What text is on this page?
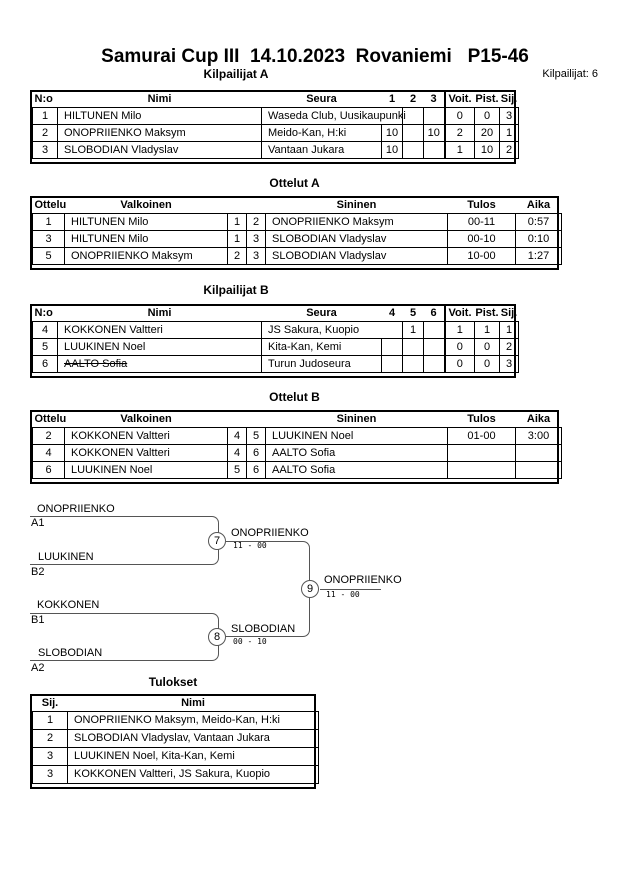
Samurai Cup III  14.10.2023  Rovaniemi   P15-46
Kilpailijat A	Kilpailijat: 6
N:o	Nimi	Seura	1	2	3	Voit.	Pist.	Sij.
1	HILTUNEN Milo	Waseda Club, Uusikaupunki				0	0	3
2	ONOPRIIENKO Maksym	Meido-Kan, H:ki	10		10	2	20	1
3	SLOBODIAN Vladyslav	Vantaan Jukara	10			1	10	2
Ottelut A
Ottelu	Valkoinen			Sininen	Tulos	Aika
1	HILTUNEN Milo	1	2	ONOPRIIENKO Maksym	00-11	0:57
3	HILTUNEN Milo	1	3	SLOBODIAN Vladyslav	00-10	0:10
5	ONOPRIIENKO Maksym	2	3	SLOBODIAN Vladyslav	10-00	1:27
Kilpailijat B
N:o	Nimi	Seura	4	5	6	Voit.	Pist.	Sij.
4	KOKKONEN Valtteri	JS Sakura, Kuopio		1		1	1	1
5	LUUKINEN Noel	Kita-Kan, Kemi				0	0	2
6	AALTO Sofia	Turun Judoseura				0	0	3
Ottelut B
Ottelu	Valkoinen			Sininen	Tulos	Aika
2	KOKKONEN Valtteri	4	5	LUUKINEN Noel	01-00	3:00
4	KOKKONEN Valtteri	4	6	AALTO Sofia		
6	LUUKINEN Noel	5	6	AALTO Sofia		
ONOPRIIENKO
A1
LUUKINEN
B2
KOKKONEN
B1
SLOBODIAN
A2
7
8
9
ONOPRIIENKO
11 - 00
SLOBODIAN
00 - 10
ONOPRIIENKO
11 - 00
Tulokset
Sij.	Nimi
1	ONOPRIIENKO Maksym, Meido-Kan, H:ki
2	SLOBODIAN Vladyslav, Vantaan Jukara
3	LUUKINEN Noel, Kita-Kan, Kemi
3	KOKKONEN Valtteri, JS Sakura, Kuopio
